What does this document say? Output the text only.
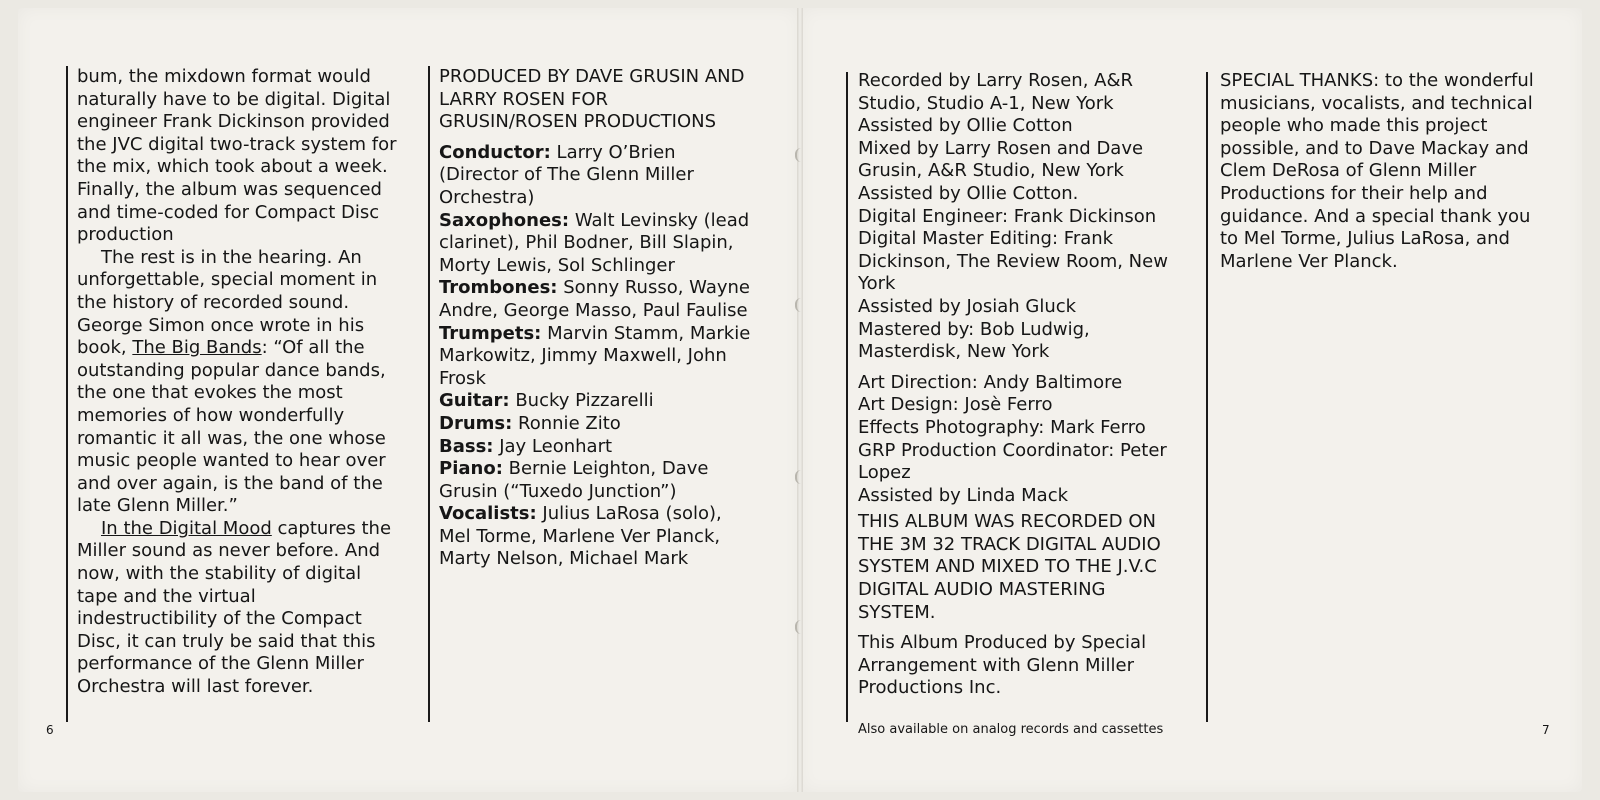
bum, the mixdown format would naturally have to be digital. Digital engineer Frank Dickinson provided the JVC digital two-track system for the mix, which took about a week. Finally, the album was sequenced and time-coded for Compact Disc production

The rest is in the hearing. An unforgettable, special moment in the history of recorded sound. George Simon once wrote in his book, The Big Bands: “Of all the outstanding popular dance bands, the one that evokes the most memories of how wonderfully romantic it all was, the one whose music people wanted to hear over and over again, is the band of the late Glenn Miller.”

In the Digital Mood captures the Miller sound as never before. And now, with the stability of digital tape and the virtual indestructibility of the Compact Disc, it can truly be said that this performance of the Glenn Miller Orchestra will last forever.

PRODUCED BY DAVE GRUSIN AND LARRY ROSEN FOR GRUSIN/ROSEN PRODUCTIONS

Conductor: Larry O’Brien (Director of The Glenn Miller Orchestra)

Saxophones: Walt Levinsky (lead clarinet), Phil Bodner, Bill Slapin, Morty Lewis, Sol Schlinger

Trombones: Sonny Russo, Wayne Andre, George Masso, Paul Faulise

Trumpets: Marvin Stamm, Markie Markowitz, Jimmy Maxwell, John Frosk

Guitar: Bucky Pizzarelli

Drums: Ronnie Zito

Bass: Jay Leonhart

Piano: Bernie Leighton, Dave Grusin (“Tuxedo Junction”)

Vocalists: Julius LaRosa (solo), Mel Torme, Marlene Ver Planck, Marty Nelson, Michael Mark

Recorded by Larry Rosen, A&R Studio, Studio A-1, New York

Assisted by Ollie Cotton

Mixed by Larry Rosen and Dave Grusin, A&R Studio, New York

Assisted by Ollie Cotton.

Digital Engineer: Frank Dickinson

Digital Master Editing: Frank Dickinson, The Review Room, New York

Assisted by Josiah Gluck

Mastered by: Bob Ludwig, Masterdisk, New York

Art Direction: Andy Baltimore

Art Design: Josè Ferro

Effects Photography: Mark Ferro

GRP Production Coordinator: Peter Lopez

Assisted by Linda Mack

THIS ALBUM WAS RECORDED ON THE 3M 32 TRACK DIGITAL AUDIO SYSTEM AND MIXED TO THE J.V.C DIGITAL AUDIO MASTERING SYSTEM.

This Album Produced by Special Arrangement with Glenn Miller Productions Inc.

Also available on analog records and cassettes

SPECIAL THANKS: to the wonderful musicians, vocalists, and technical people who made this project possible, and to Dave Mackay and Clem DeRosa of Glenn Miller Productions for their help and guidance. And a special thank you to Mel Torme, Julius LaRosa, and Marlene Ver Planck.

6	7
